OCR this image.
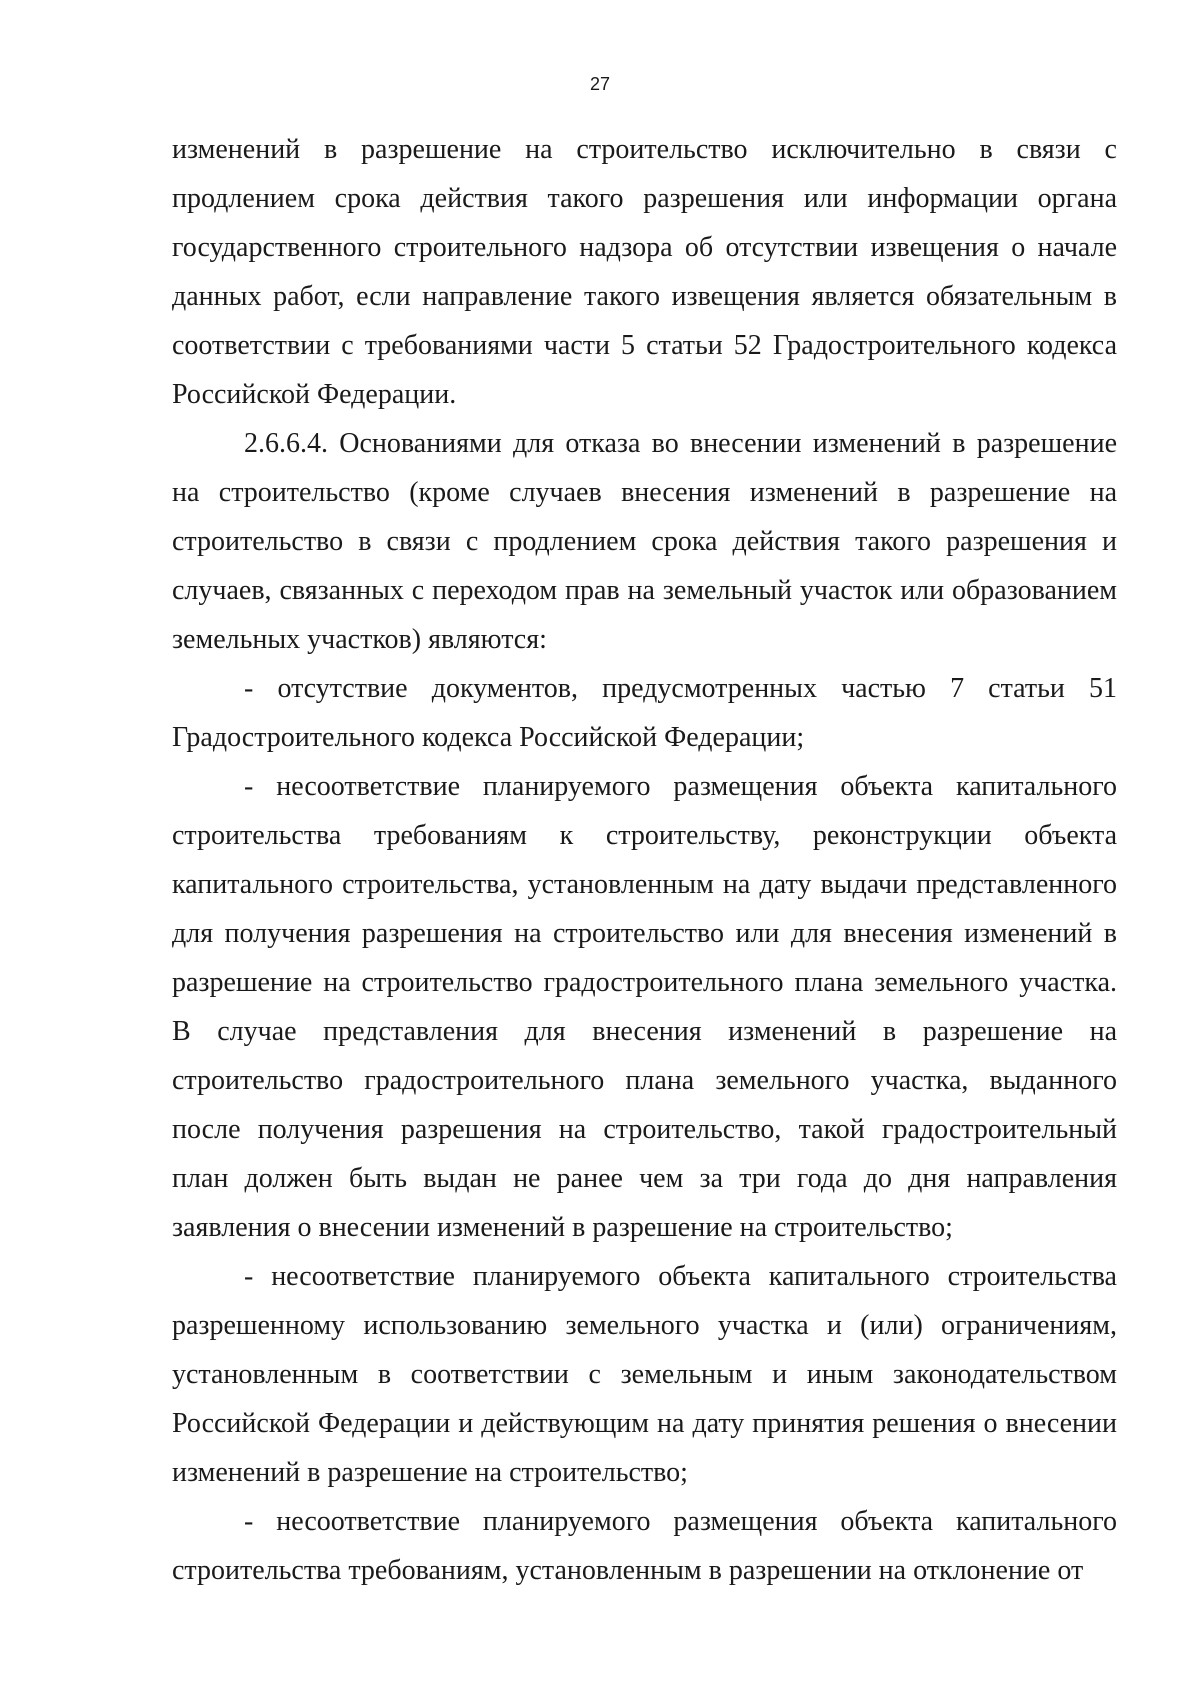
27

изменений в разрешение на строительство исключительно в связи с продлением срока действия такого разрешения или информации органа государственного строительного надзора об отсутствии извещения о начале данных работ, если направление такого извещения является обязательным в соответствии с требованиями части 5 статьи 52 Градостроительного кодекса Российской Федерации.

2.6.6.4. Основаниями для отказа во внесении изменений в разрешение на строительство (кроме случаев внесения изменений в разрешение на строительство в связи с продлением срока действия такого разрешения и случаев, связанных с переходом прав на земельный участок или образованием земельных участков) являются:

- отсутствие документов, предусмотренных частью 7 статьи 51 Градостроительного кодекса Российской Федерации;

- несоответствие планируемого размещения объекта капитального строительства требованиям к строительству, реконструкции объекта капитального строительства, установленным на дату выдачи представленного для получения разрешения на строительство или для внесения изменений в разрешение на строительство градостроительного плана земельного участка. В случае представления для внесения изменений в разрешение на строительство градостроительного плана земельного участка, выданного после получения разрешения на строительство, такой градостроительный план должен быть выдан не ранее чем за три года до дня направления заявления о внесении изменений в разрешение на строительство;

- несоответствие планируемого объекта капитального строительства разрешенному использованию земельного участка и (или) ограничениям, установленным в соответствии с земельным и иным законодательством Российской Федерации и действующим на дату принятия решения о внесении изменений в разрешение на строительство;

- несоответствие планируемого размещения объекта капитального строительства требованиям, установленным в разрешении на отклонение от
